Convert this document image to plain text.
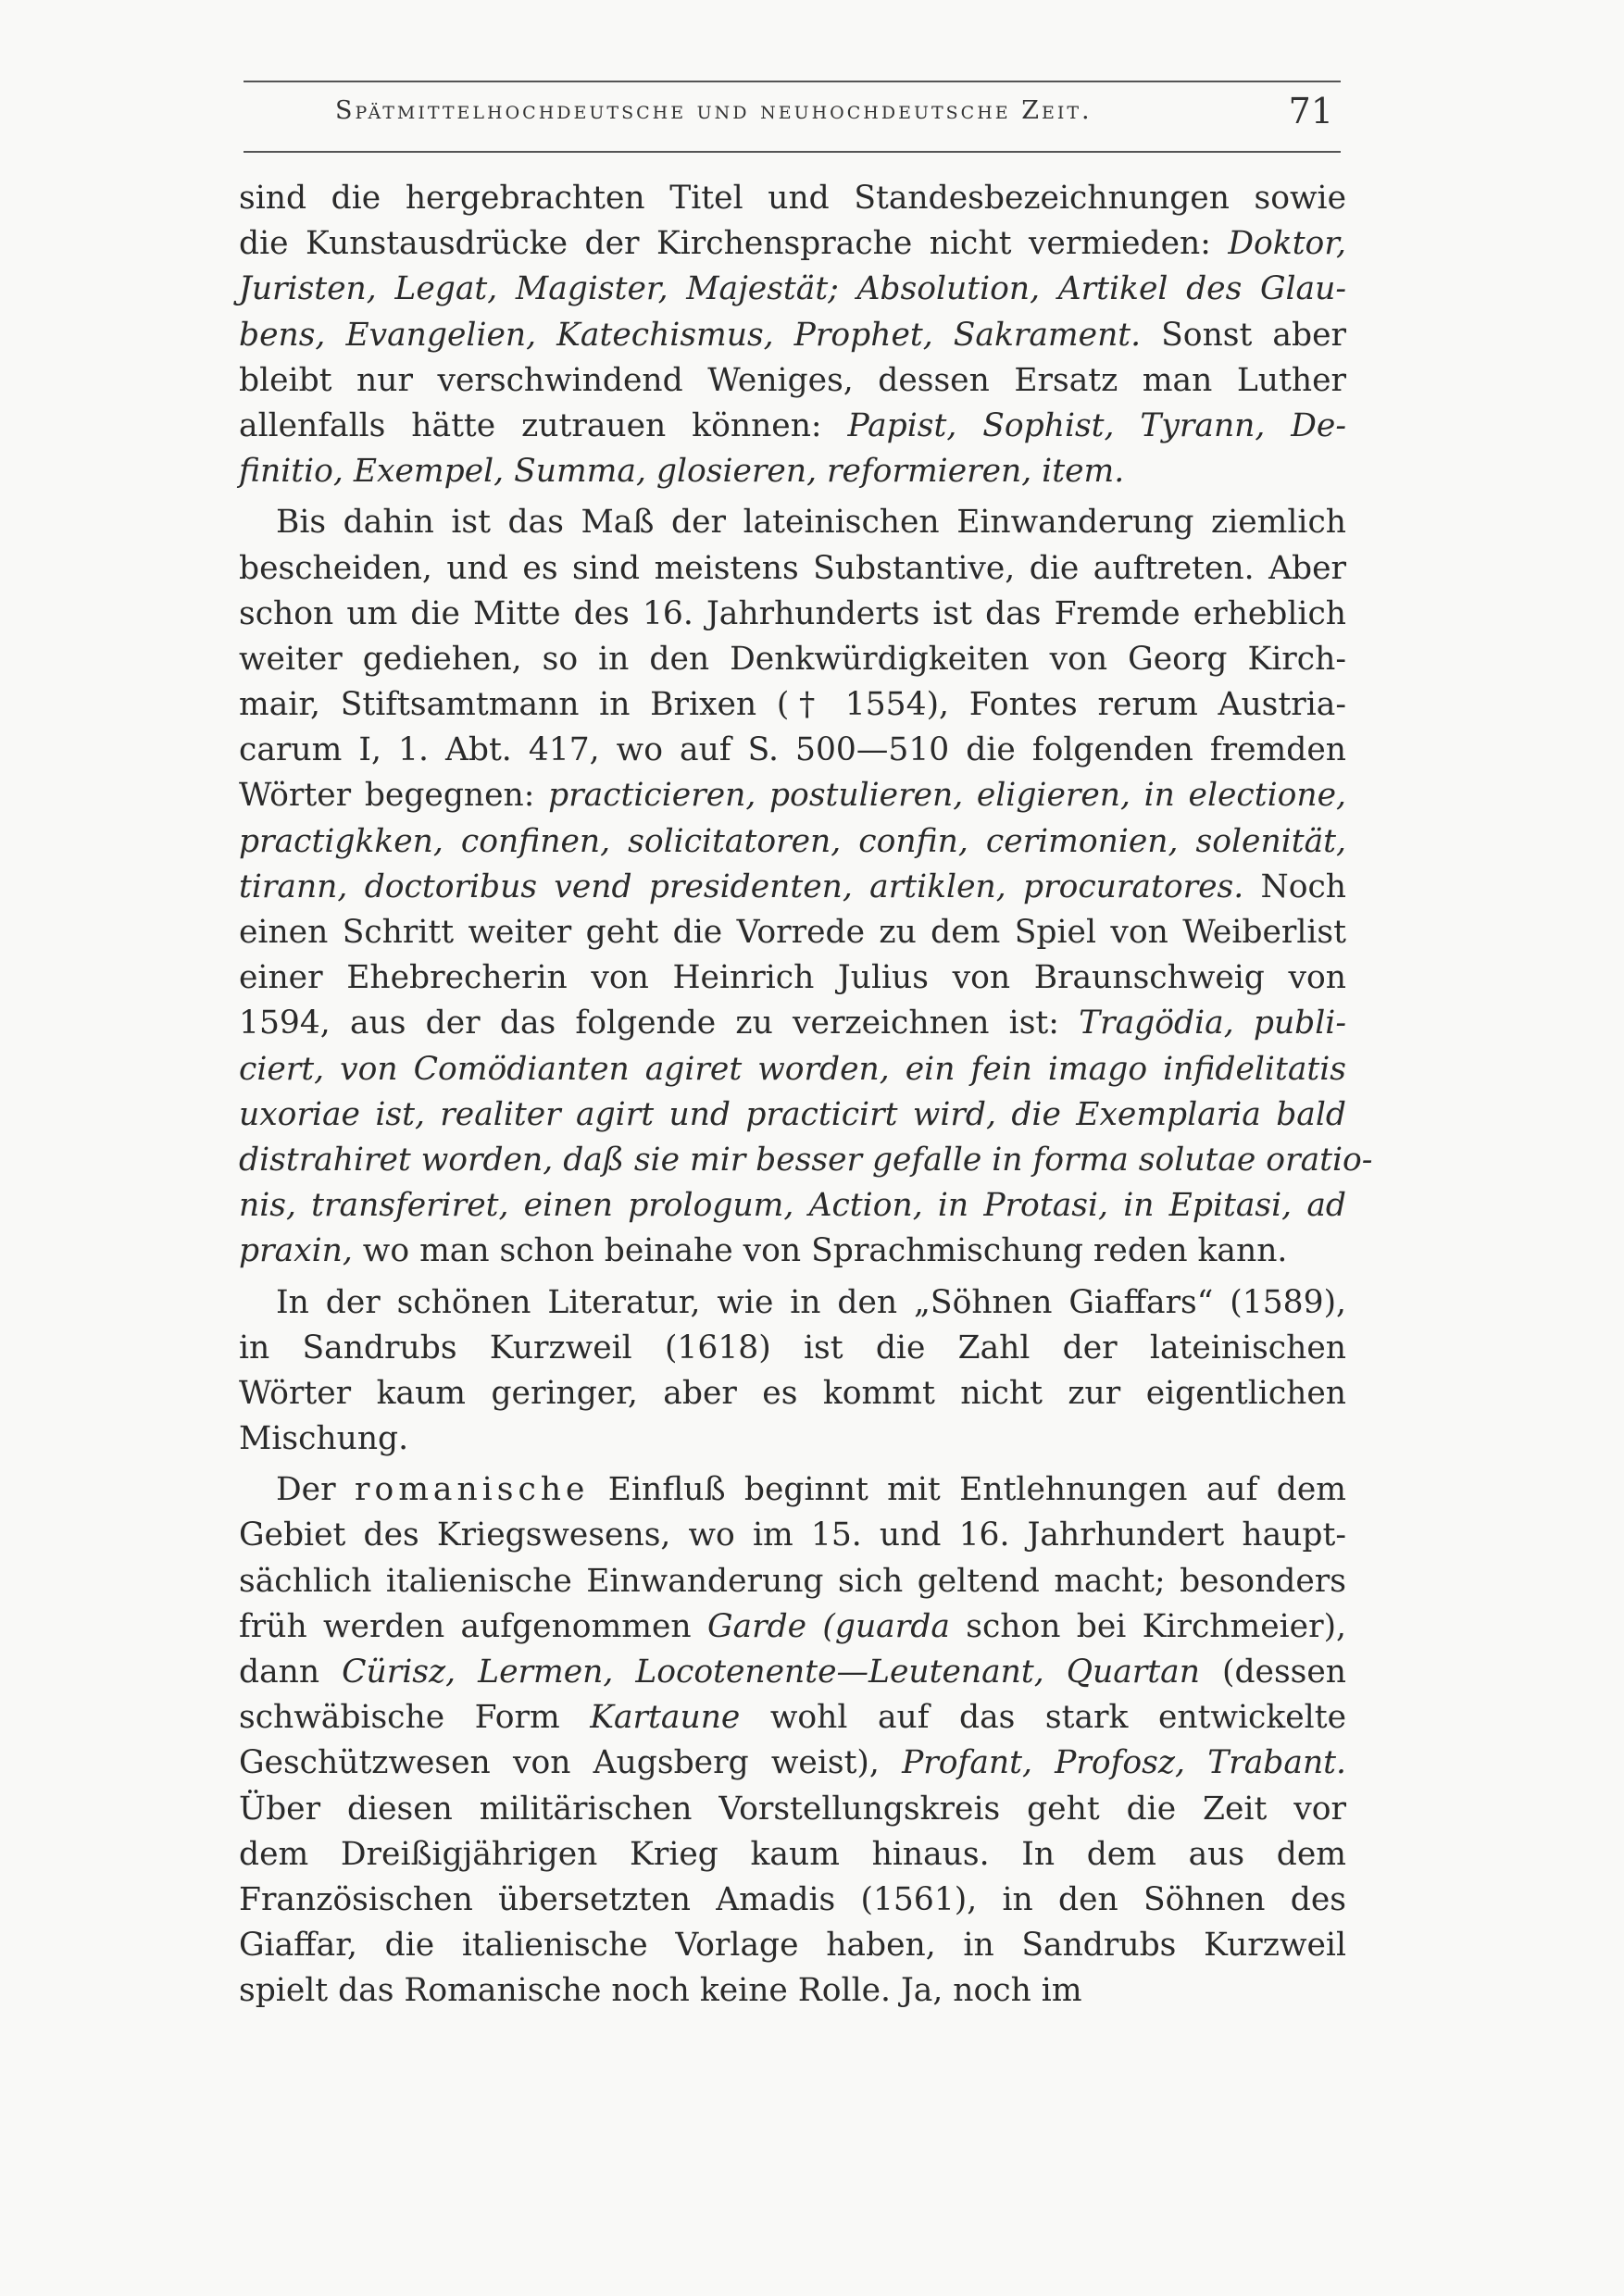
Spätmittelhochdeutsche und neuhochdeutsche Zeit.	71
sind die hergebrachten Titel und Standesbezeichnungen sowie
die Kunstausdrücke der Kirchensprache nicht vermieden: Doktor,
Juristen, Legat, Magister, Majestät; Absolution, Artikel des Glau-
bens, Evangelien, Katechismus, Prophet, Sakrament. Sonst aber
bleibt nur verschwindend Weniges, dessen Ersatz man Luther
allenfalls hätte zutrauen können: Papist, Sophist, Tyrann, De-
finitio, Exempel, Summa, glosieren, reformieren, item.
Bis dahin ist das Maß der lateinischen Einwanderung ziemlich
bescheiden, und es sind meistens Substantive, die auftreten. Aber
schon um die Mitte des 16. Jahrhunderts ist das Fremde erheblich
weiter gediehen, so in den Denkwürdigkeiten von Georg Kirch-
mair, Stiftsamtmann in Brixen († 1554), Fontes rerum Austria-
carum I, 1. Abt. 417, wo auf S. 500—510 die folgenden fremden
Wörter begegnen: practicieren, postulieren, eligieren, in electione,
practigkken, confinen, solicitatoren, confin, cerimonien, solenität,
tirann, doctoribus vend presidenten, artiklen, procuratores. Noch
einen Schritt weiter geht die Vorrede zu dem Spiel von Weiberlist
einer Ehebrecherin von Heinrich Julius von Braunschweig von
1594, aus der das folgende zu verzeichnen ist: Tragödia, publi-
ciert, von Comödianten agiret worden, ein fein imago infidelitatis
uxoriae ist, realiter agirt und practicirt wird, die Exemplaria bald
distrahiret worden, daß sie mir besser gefalle in forma solutae oratio-
nis, transferiret, einen prologum, Action, in Protasi, in Epitasi, ad
praxin, wo man schon beinahe von Sprachmischung reden kann.
In der schönen Literatur, wie in den „Söhnen Giaffars“ (1589),
in Sandrubs Kurzweil (1618) ist die Zahl der lateinischen
Wörter kaum geringer, aber es kommt nicht zur eigentlichen
Mischung.
Der romanische Einfluß beginnt mit Entlehnungen auf dem
Gebiet des Kriegswesens, wo im 15. und 16. Jahrhundert haupt-
sächlich italienische Einwanderung sich geltend macht; besonders
früh werden aufgenommen Garde (guarda schon bei Kirchmeier),
dann Cürisz, Lermen, Locotenente—Leutenant, Quartan (dessen
schwäbische Form Kartaune wohl auf das stark entwickelte
Geschützwesen von Augsberg weist), Profant, Profosz, Trabant.
Über diesen militärischen Vorstellungskreis geht die Zeit vor
dem Dreißigjährigen Krieg kaum hinaus. In dem aus dem
Französischen übersetzten Amadis (1561), in den Söhnen des
Giaffar, die italienische Vorlage haben, in Sandrubs Kurzweil
spielt das Romanische noch keine Rolle. Ja, noch im
